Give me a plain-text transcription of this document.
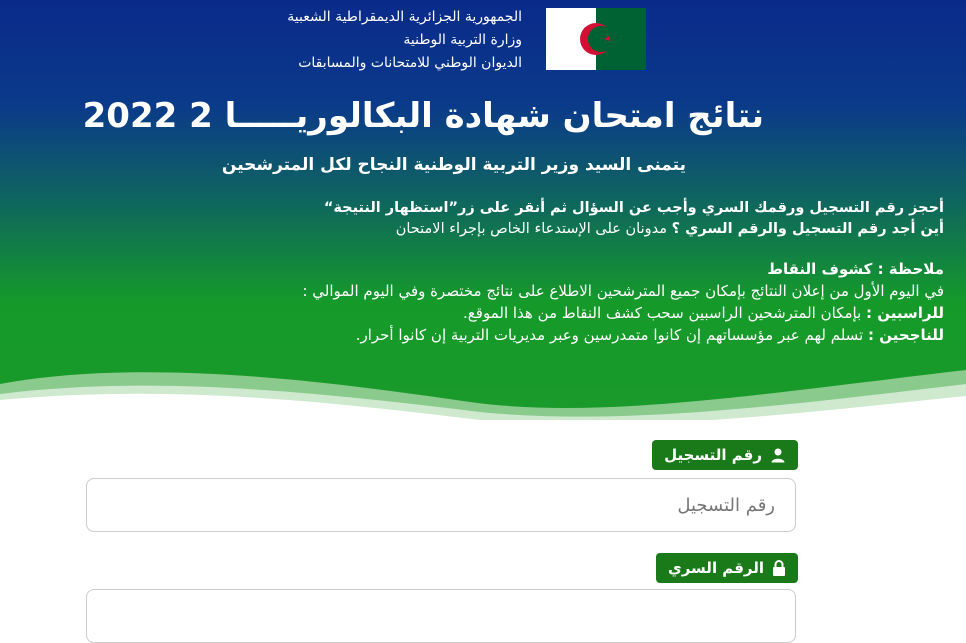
الجمهورية الجزائرية الديمقراطية الشعبية
وزارة التربية الوطنية
الديوان الوطني للامتحانات والمسابقات
نتائج امتحان شهادة البكالوريـــــا 2 2022
يتمنى السيد وزير التربية الوطنية النجاح لكل المترشحين
أحجز رقم التسجيل ورقمك السري وأجب عن السؤال ثم أنقر على زر”استظهار النتيجة“
أين أجد رقم التسجيل والرقم السري ؟ مدونان على الإستدعاء الخاص بإجراء الامتحان
ملاحظة : كشوف النقاط
في اليوم الأول من إعلان النتائج بإمكان جميع المترشحين الاطلاع على نتائج مختصرة وفي اليوم الموالي :
للراسبين : بإمكان المترشحين الراسبين سحب كشف النقاط من هذا الموقع.
للناجحين : تسلم لهم عبر مؤسساتهم إن كانوا متمدرسين وعبر مديريات التربية إن كانوا أحرار.
رقم التسجيل
رقم التسجيل
الرقم السري
